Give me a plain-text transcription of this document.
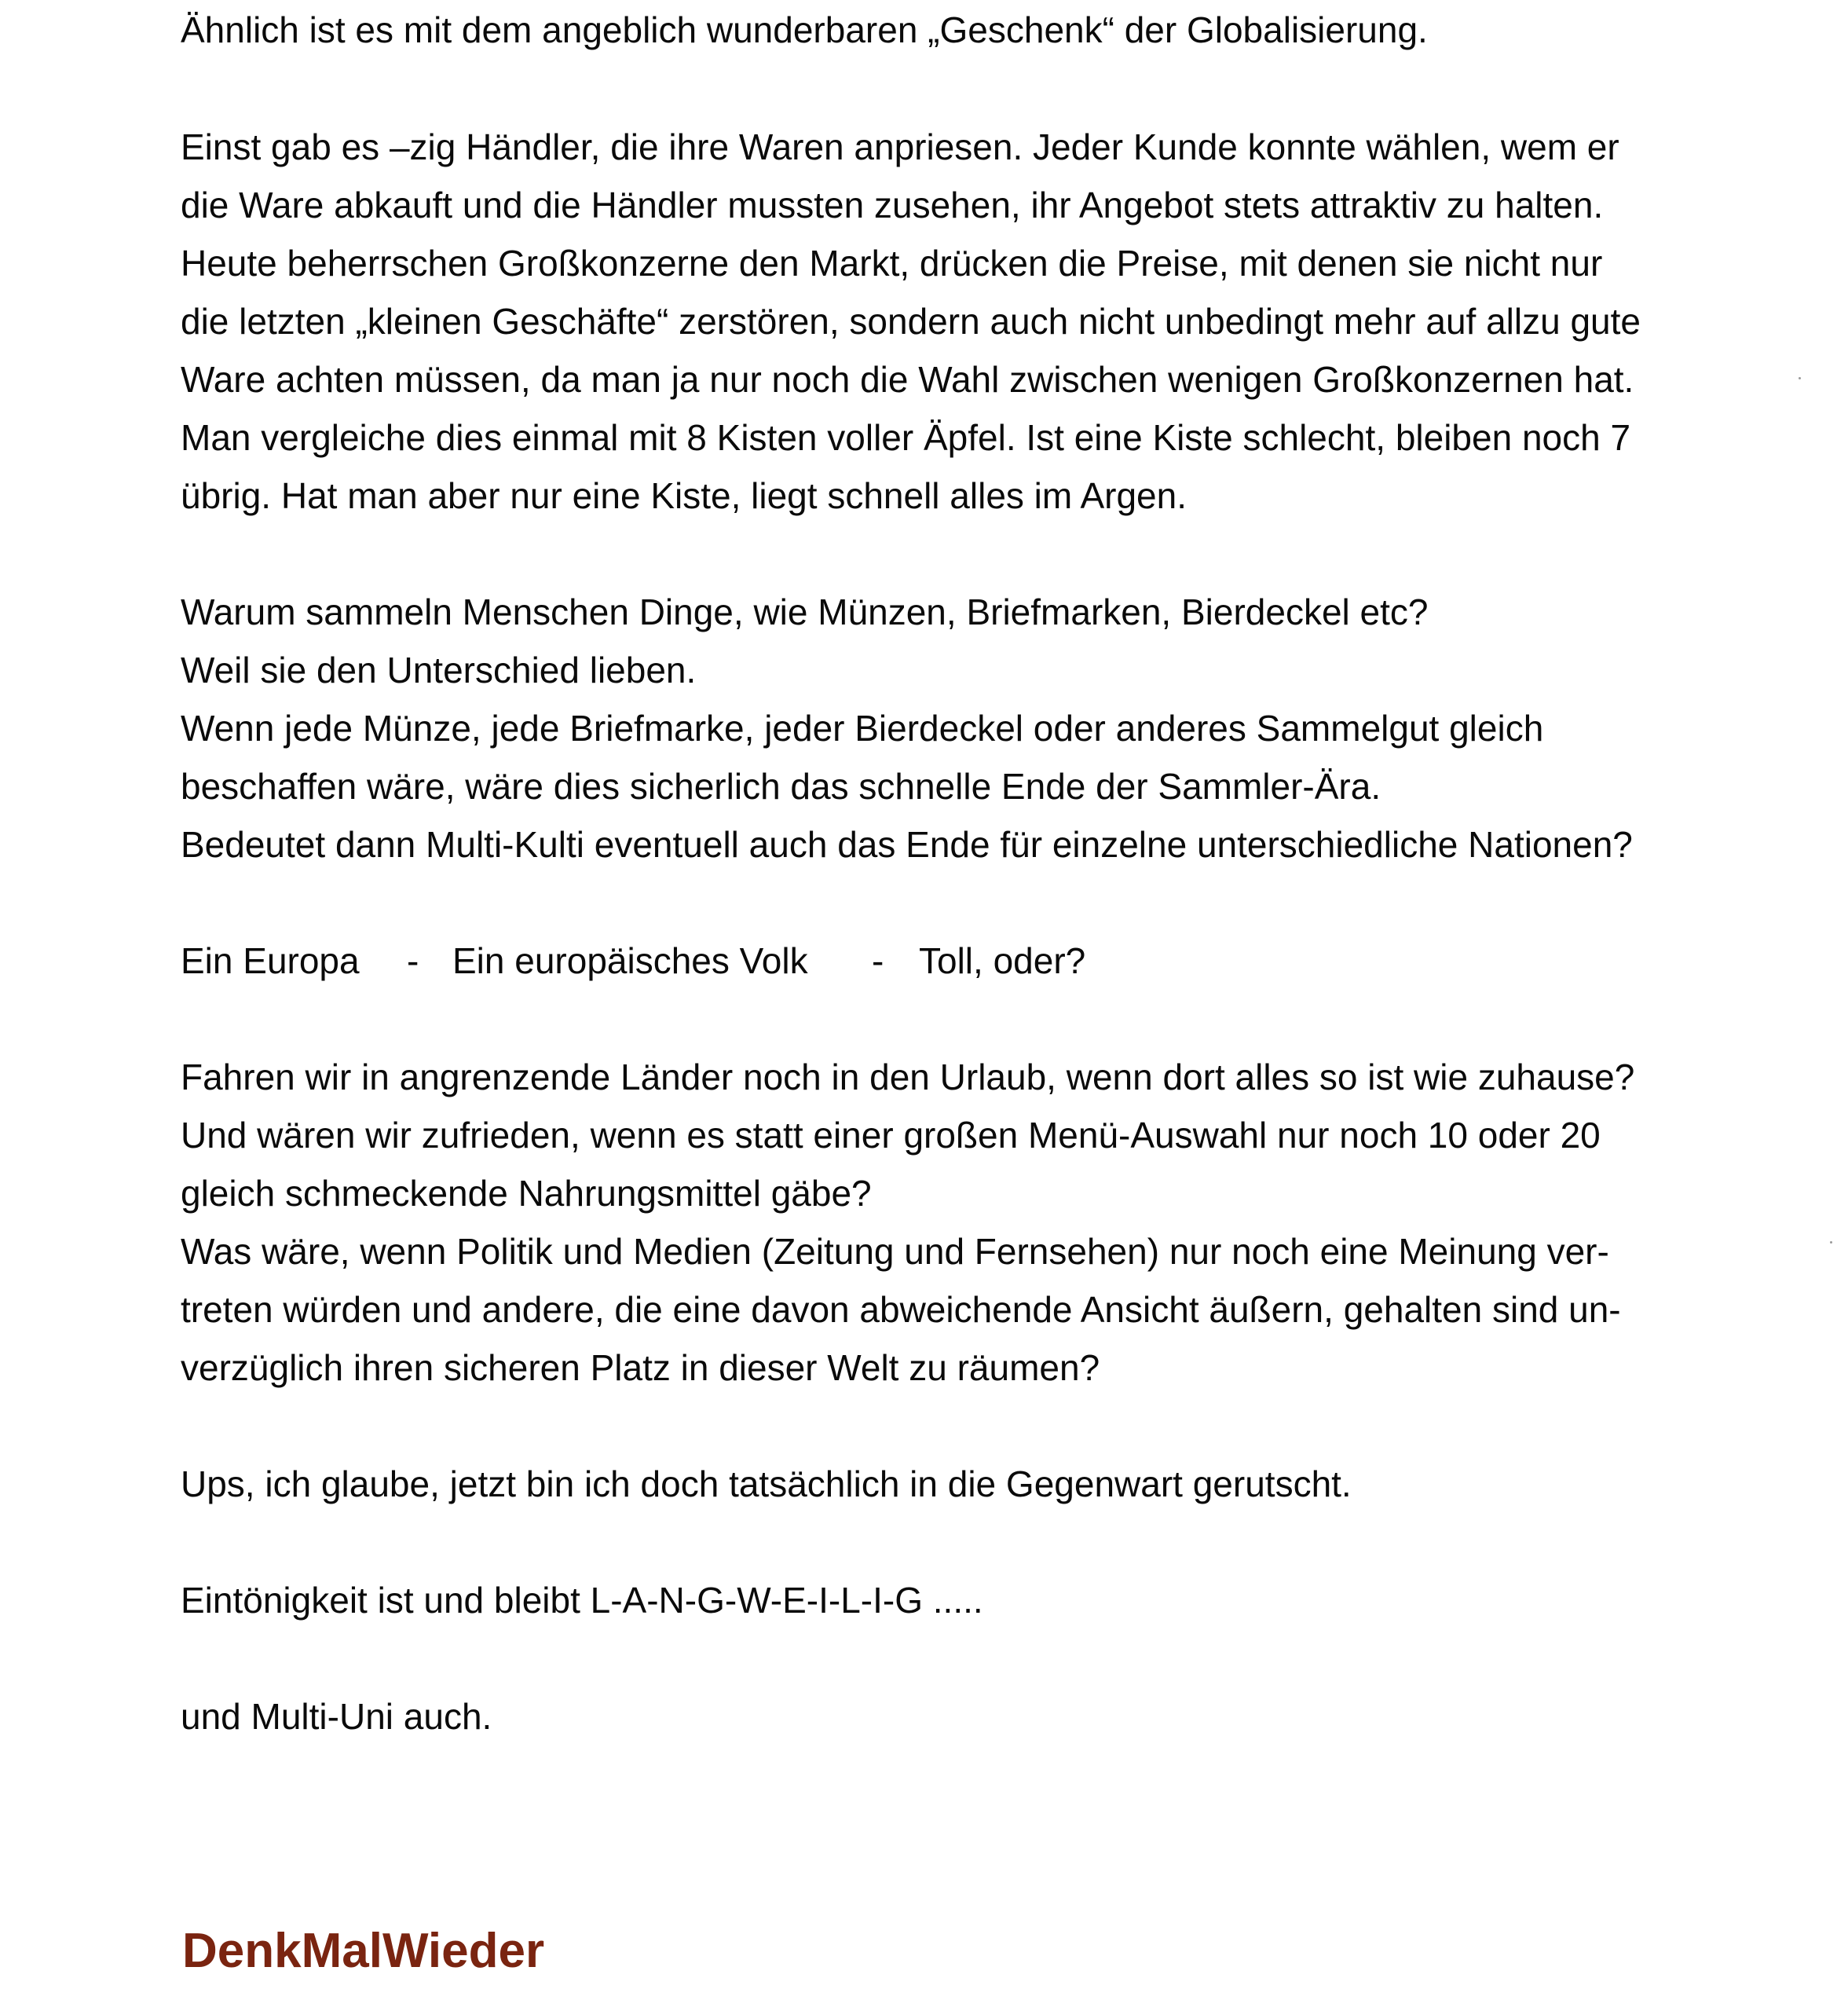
Ähnlich ist es mit dem angeblich wunderbaren „Geschenk“ der Globalisierung.
Einst gab es –zig Händler, die ihre Waren anpriesen. Jeder Kunde konnte wählen, wem er
die Ware abkauft und die Händler mussten zusehen, ihr Angebot stets attraktiv zu halten.
Heute beherrschen Großkonzerne den Markt, drücken die Preise, mit denen sie nicht nur
die letzten „kleinen Geschäfte“ zerstören, sondern auch nicht unbedingt mehr auf allzu gute
Ware achten müssen, da man ja nur noch die Wahl zwischen wenigen Großkonzernen hat.
Man vergleiche dies einmal mit 8 Kisten voller Äpfel. Ist eine Kiste schlecht, bleiben noch 7
übrig. Hat man aber nur eine Kiste, liegt schnell alles im Argen.
Warum sammeln Menschen Dinge, wie Münzen, Briefmarken, Bierdeckel etc?
Weil sie den Unterschied lieben.
Wenn jede Münze, jede Briefmarke, jeder Bierdeckel oder anderes Sammelgut gleich
beschaffen wäre, wäre dies sicherlich das schnelle Ende der Sammler-Ära.
Bedeutet dann Multi-Kulti eventuell auch das Ende für einzelne unterschiedliche Nationen?
Ein Europa - Ein europäisches Volk - Toll, oder?
Fahren wir in angrenzende Länder noch in den Urlaub, wenn dort alles so ist wie zuhause?
Und wären wir zufrieden, wenn es statt einer großen Menü-Auswahl nur noch 10 oder 20
gleich schmeckende Nahrungsmittel gäbe?
Was wäre, wenn Politik und Medien (Zeitung und Fernsehen) nur noch eine Meinung ver-
treten würden und andere, die eine davon abweichende Ansicht äußern, gehalten sind un-
verzüglich ihren sicheren Platz in dieser Welt zu räumen?
Ups, ich glaube, jetzt bin ich doch tatsächlich in die Gegenwart gerutscht.
Eintönigkeit ist und bleibt L-A-N-G-W-E-I-L-I-G .....
und Multi-Uni auch.
DenkMalWieder
